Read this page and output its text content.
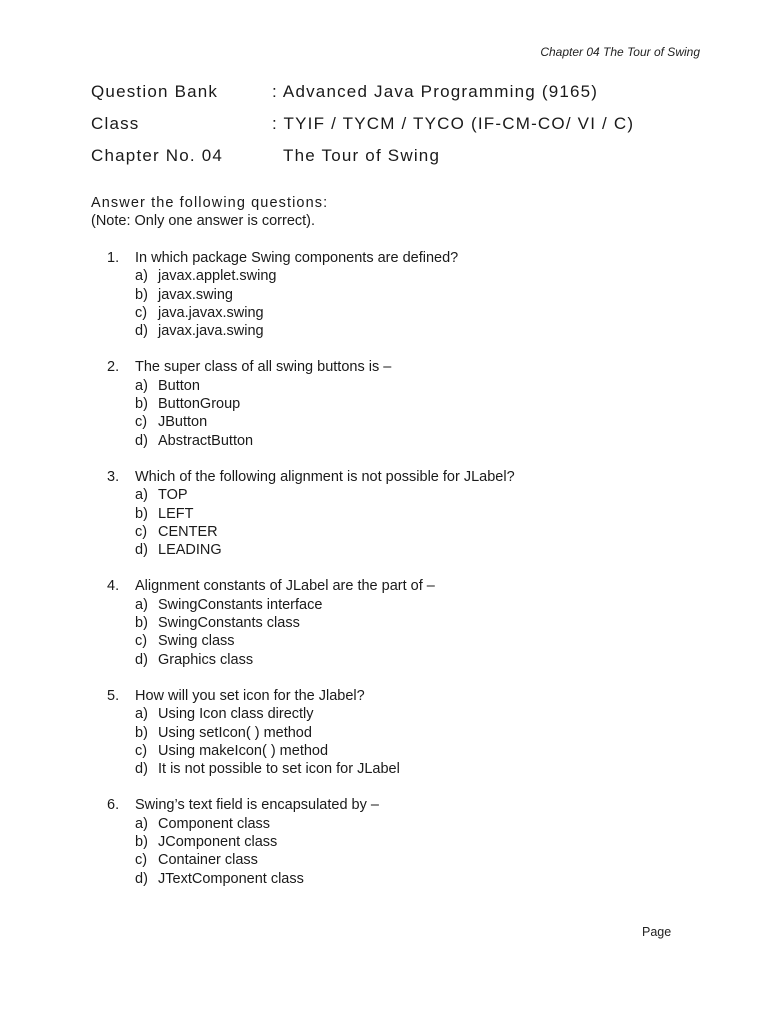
Chapter 04 The Tour of Swing
Question Bank	: Advanced Java Programming (9165)
Class	: TYIF / TYCM / TYCO (IF-CM-CO/ VI / C)
Chapter No. 04	The Tour of Swing
Answer the following questions:
(Note: Only one answer is correct).
1.	In which package Swing components are defined?
a) javax.applet.swing
b) javax.swing
c) java.javax.swing
d) javax.java.swing
2.	The super class of all swing buttons is –
a) Button
b) ButtonGroup
c) JButton
d) AbstractButton
3.	Which of the following alignment is not possible for JLabel?
a) TOP
b) LEFT
c) CENTER
d) LEADING
4.	Alignment constants of JLabel are the part of –
a) SwingConstants interface
b) SwingConstants class
c) Swing class
d) Graphics class
5.	How will you set icon for the Jlabel?
a) Using Icon class directly
b) Using setIcon( ) method
c) Using makeIcon( ) method
d) It is not possible to set icon for JLabel
6.	Swing’s text field is encapsulated by –
a) Component class
b) JComponent class
c) Container class
d) JTextComponent class
Page
